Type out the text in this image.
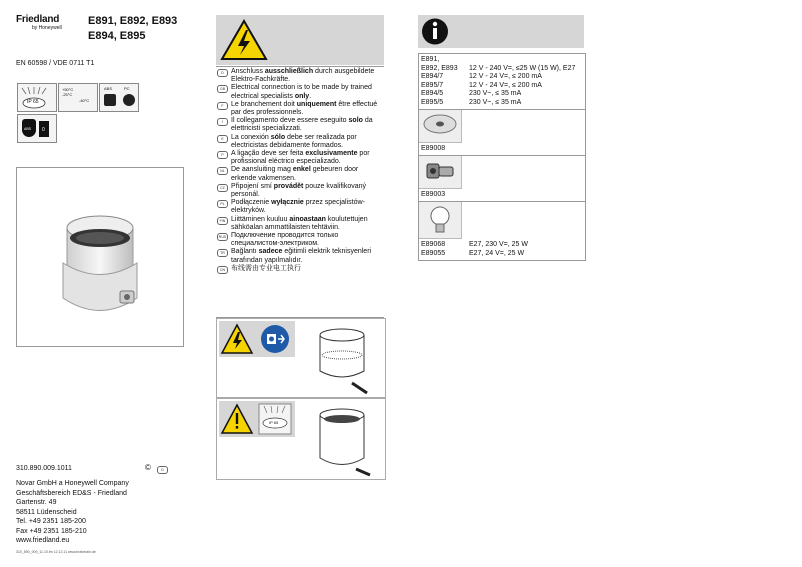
Friedland
by Honeywell
E891, E892, E893
E894, E895
EN 60598 / VDE 0711 T1
IP 65
+50°C
-25°C
-40°C
ABS	PC
ABS 0
310.890.009.1011	©	D
Novar GmbH a Honeywell Company
Geschäftsbereich ED&S - Friedland
Gartenstr. 49
58511 Lüdenscheid
Tel. +49 2351 185-200
Fax +49 2351 185-210
www.friedland.eu
310_890_009_11.10.fm 12.12.11 www.braintrain.de
D	Anschluss ausschließlich durch ausgebildete Elektro-Fachkräfte.
GB Electrical connection is to be made by trained electrical specialists only.
F	Le branchement doit uniquement être effectué par des professionnels.
I	Il collegamento deve essere eseguito solo da elettricisti specializzati.
E	La conexión sólo debe ser realizada por electricistas debidamente formados.
P	A ligação deve ser feita exclusivamente por profissional eléctrico especializado.
NL De aansluiting mag enkel gebeuren door erkende vakmensen.
CZ Připojení smí provádět pouze kvalifikovaný personál.
PL Podłączenie wyłącznie przez specjalistów-elektryków.
FIN Liittäminen kuuluu ainoastaan koulutettujen sähköalan ammattilaisten tehtäviin.
RUS Подключение проводится только специалистом-электриком.
TR Bağlantı sadece eğitimli elektrik teknisyenleri tarafından yapılmalıdır.
CN 布线需由专业电工执行
IP 65
E891,
E892, E893	12 V - 240 V=, ≤25 W (15 W), E27
E894/7	12 V - 24 V=, ≤ 200 mA
E895/7	12 V - 24 V=, ≤ 200 mA
E894/5	230 V~, ≤ 35 mA
E895/5	230 V~, ≤ 35 mA
E89008
E89003
E89068	E27, 230 V=, 25 W
E89055	E27, 24 V=, 25 W
